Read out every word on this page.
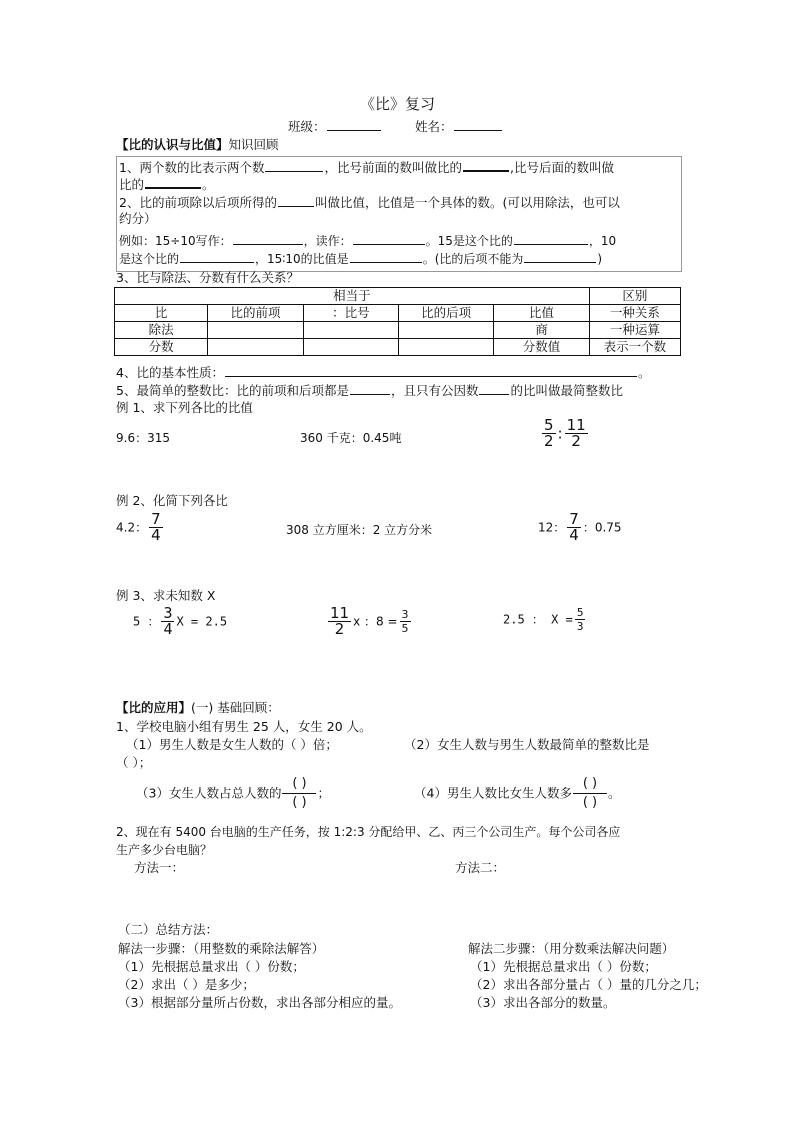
《比》复习
班级：	姓名：
【比的认识与比值】知识回顾
1、两个数的比表示两个数	，比号前面的数叫做比的	,比号后面的数叫做
比的	。
2、比的前项除以后项所得的	叫做比值，比值是一个具体的数。(可以用除法，也可以
约分）
例如：15÷10写作：	，读作：	。15是这个比的	，10
是这个比的	，15∶10的比值是	。(比的后项不能为	)
3、比与除法、分数有什么关系？
相当于					区别
比	比的前项	：比号	比的后项	比值	一种关系
除法				商	一种运算
分数				分数值	表示一个数
4、比的基本性质：	。
5、最简单的整数比：比的前项和后项都是	，且只有公因数	的比叫做最简整数比
例 1、求下列各比的比值
9.6：315	360 千克：0.45吨	$\frac{5}{2}$ : $\frac{11}{2}$
例 2、化简下列各比
4.2： $\frac{7}{4}$	308 立方厘米：2 立方分米	12： $\frac{7}{4}$ ：0.75
例 3、求未知数 X
5 ： $\frac{3}{4}$ X = 2.5	$\frac{11}{2}$ x ：$8 = \frac{3}{5}$	2.5 ： $X = \frac{5}{3}$
【比的应用】(一) 基础回顾：
1、学校电脑小组有男生 25 人，女生 20 人。
（1）男生人数是女生人数的（ ）倍；	（2）女生人数与男生人数最简单的整数比是
（ ）；
（3）女生人数占总人数的
( )
( )
；	（4）男生人数比女生人数多
( )
( )
。
2、现在有 5400 台电脑的生产任务，按 1:2:3 分配给甲、乙、丙三个公司生产。每个公司各应
生产多少台电脑？
方法一：	方法二：
（二）总结方法：
解法一步骤：（用整数的乘除法解答）
（1）先根据总量求出（ ）份数；
（2）求出（ ）是多少；
（3）根据部分量所占份数，求出各部分相应的量。
解法二步骤：（用分数乘法解决问题）
（1）先根据总量求出（ ）份数；
（2）求出各部分量占（ ）量的几分之几；
（3）求出各部分的数量。
